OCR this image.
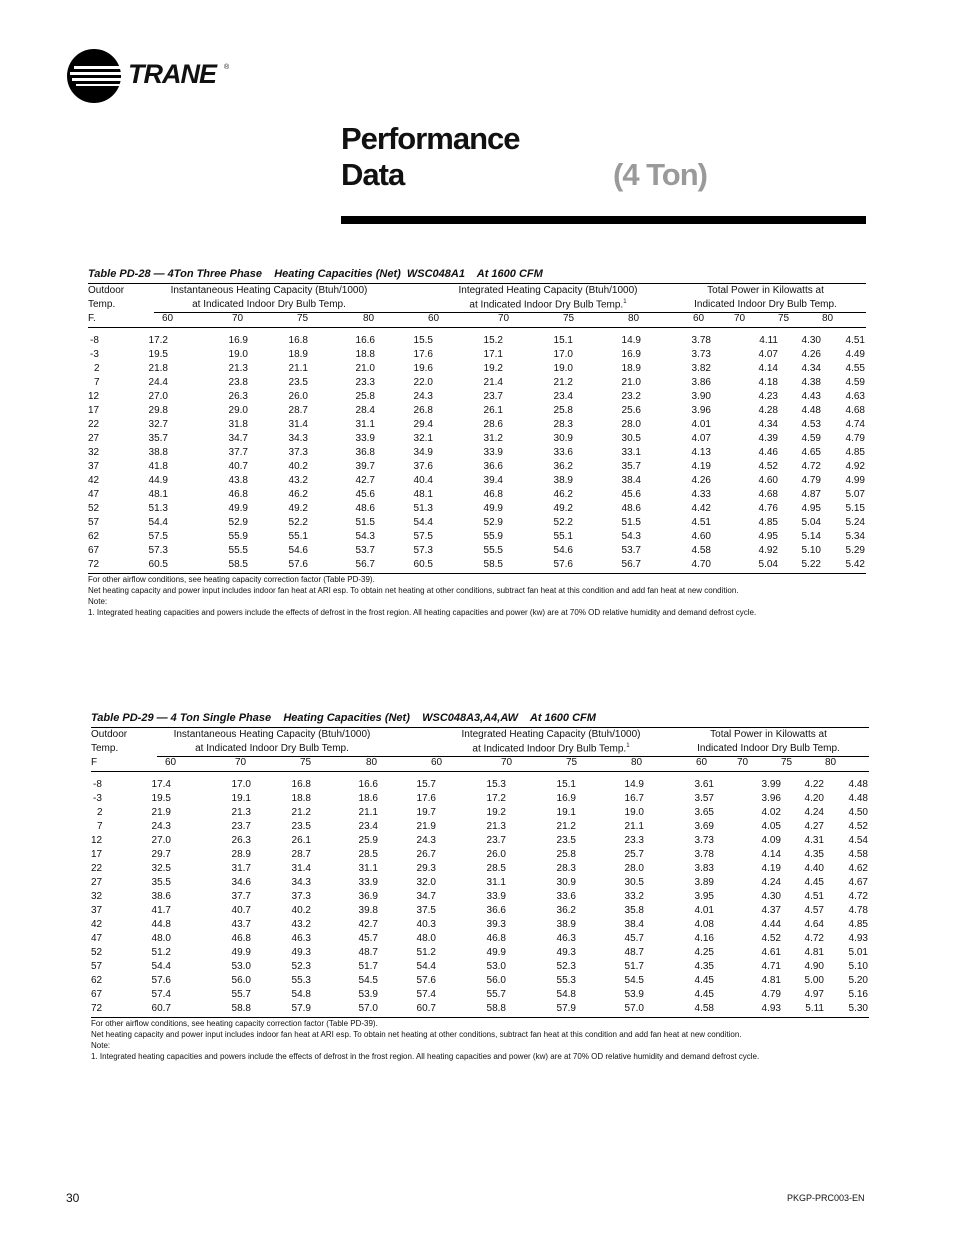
TRANE ®
Performance
Data	(4 Ton)
Table PD-28 — 4Ton Three Phase    Heating Capacities (Net)  WSC048A1    At 1600 CFM
Outdoor
Temp.
F.
Instantaneous Heating Capacity (Btuh/1000)
at Indicated Indoor Dry Bulb Temp.
Integrated Heating Capacity (Btuh/1000)
at Indicated Indoor Dry Bulb Temp.$^1$
Total Power in Kilowatts at
Indicated Indoor Dry Bulb Temp.
60	70	75	80	60	70	75	80	60	70	75	80
-8	17.2	16.9	16.8	16.6	15.5	15.2	15.1	14.9	3.78	4.11	4.30	4.51
-3	19.5	19.0	18.9	18.8	17.6	17.1	17.0	16.9	3.73	4.07	4.26	4.49
2	21.8	21.3	21.1	21.0	19.6	19.2	19.0	18.9	3.82	4.14	4.34	4.55
7	24.4	23.8	23.5	23.3	22.0	21.4	21.2	21.0	3.86	4.18	4.38	4.59
12	27.0	26.3	26.0	25.8	24.3	23.7	23.4	23.2	3.90	4.23	4.43	4.63
17	29.8	29.0	28.7	28.4	26.8	26.1	25.8	25.6	3.96	4.28	4.48	4.68
22	32.7	31.8	31.4	31.1	29.4	28.6	28.3	28.0	4.01	4.34	4.53	4.74
27	35.7	34.7	34.3	33.9	32.1	31.2	30.9	30.5	4.07	4.39	4.59	4.79
32	38.8	37.7	37.3	36.8	34.9	33.9	33.6	33.1	4.13	4.46	4.65	4.85
37	41.8	40.7	40.2	39.7	37.6	36.6	36.2	35.7	4.19	4.52	4.72	4.92
42	44.9	43.8	43.2	42.7	40.4	39.4	38.9	38.4	4.26	4.60	4.79	4.99
47	48.1	46.8	46.2	45.6	48.1	46.8	46.2	45.6	4.33	4.68	4.87	5.07
52	51.3	49.9	49.2	48.6	51.3	49.9	49.2	48.6	4.42	4.76	4.95	5.15
57	54.4	52.9	52.2	51.5	54.4	52.9	52.2	51.5	4.51	4.85	5.04	5.24
62	57.5	55.9	55.1	54.3	57.5	55.9	55.1	54.3	4.60	4.95	5.14	5.34
67	57.3	55.5	54.6	53.7	57.3	55.5	54.6	53.7	4.58	4.92	5.10	5.29
72	60.5	58.5	57.6	56.7	60.5	58.5	57.6	56.7	4.70	5.04	5.22	5.42

For other airflow conditions, see heating capacity correction factor (Table PD-39).

Net heating capacity and power input includes indoor fan heat at ARI esp. To obtain net heating at other conditions, subtract fan heat at this condition and add fan heat at new condition.

Note:

1. Integrated heating capacities and powers include the effects of defrost in the frost region. All heating capacities and power (kw) are at 70% OD relative humidity and demand defrost cycle.

Table PD-29 — 4 Ton Single Phase    Heating Capacities (Net)    WSC048A3,A4,AW    At 1600 CFM
Outdoor
Temp.
F
Instantaneous Heating Capacity (Btuh/1000)
at Indicated Indoor Dry Bulb Temp.
Integrated Heating Capacity (Btuh/1000)
at Indicated Indoor Dry Bulb Temp.$^1$
Total Power in Kilowatts at
Indicated Indoor Dry Bulb Temp.
60	70	75	80	60	70	75	80	60	70	75	80
-8	17.4	17.0	16.8	16.6	15.7	15.3	15.1	14.9	3.61	3.99	4.22	4.48
-3	19.5	19.1	18.8	18.6	17.6	17.2	16.9	16.7	3.57	3.96	4.20	4.48
2	21.9	21.3	21.2	21.1	19.7	19.2	19.1	19.0	3.65	4.02	4.24	4.50
7	24.3	23.7	23.5	23.4	21.9	21.3	21.2	21.1	3.69	4.05	4.27	4.52
12	27.0	26.3	26.1	25.9	24.3	23.7	23.5	23.3	3.73	4.09	4.31	4.54
17	29.7	28.9	28.7	28.5	26.7	26.0	25.8	25.7	3.78	4.14	4.35	4.58
22	32.5	31.7	31.4	31.1	29.3	28.5	28.3	28.0	3.83	4.19	4.40	4.62
27	35.5	34.6	34.3	33.9	32.0	31.1	30.9	30.5	3.89	4.24	4.45	4.67
32	38.6	37.7	37.3	36.9	34.7	33.9	33.6	33.2	3.95	4.30	4.51	4.72
37	41.7	40.7	40.2	39.8	37.5	36.6	36.2	35.8	4.01	4.37	4.57	4.78
42	44.8	43.7	43.2	42.7	40.3	39.3	38.9	38.4	4.08	4.44	4.64	4.85
47	48.0	46.8	46.3	45.7	48.0	46.8	46.3	45.7	4.16	4.52	4.72	4.93
52	51.2	49.9	49.3	48.7	51.2	49.9	49.3	48.7	4.25	4.61	4.81	5.01
57	54.4	53.0	52.3	51.7	54.4	53.0	52.3	51.7	4.35	4.71	4.90	5.10
62	57.6	56.0	55.3	54.5	57.6	56.0	55.3	54.5	4.45	4.81	5.00	5.20
67	57.4	55.7	54.8	53.9	57.4	55.7	54.8	53.9	4.45	4.79	4.97	5.16
72	60.7	58.8	57.9	57.0	60.7	58.8	57.9	57.0	4.58	4.93	5.11	5.30

For other airflow conditions, see heating capacity correction factor (Table PD-39).

Net heating capacity and power input includes indoor fan heat at ARI esp. To obtain net heating at other conditions, subtract fan heat at this condition and add fan heat at new condition.

Note:

1. Integrated heating capacities and powers include the effects of defrost in the frost region. All heating capacities and power (kw) are at 70% OD relative humidity and demand defrost cycle.

30	PKGP-PRC003-EN
